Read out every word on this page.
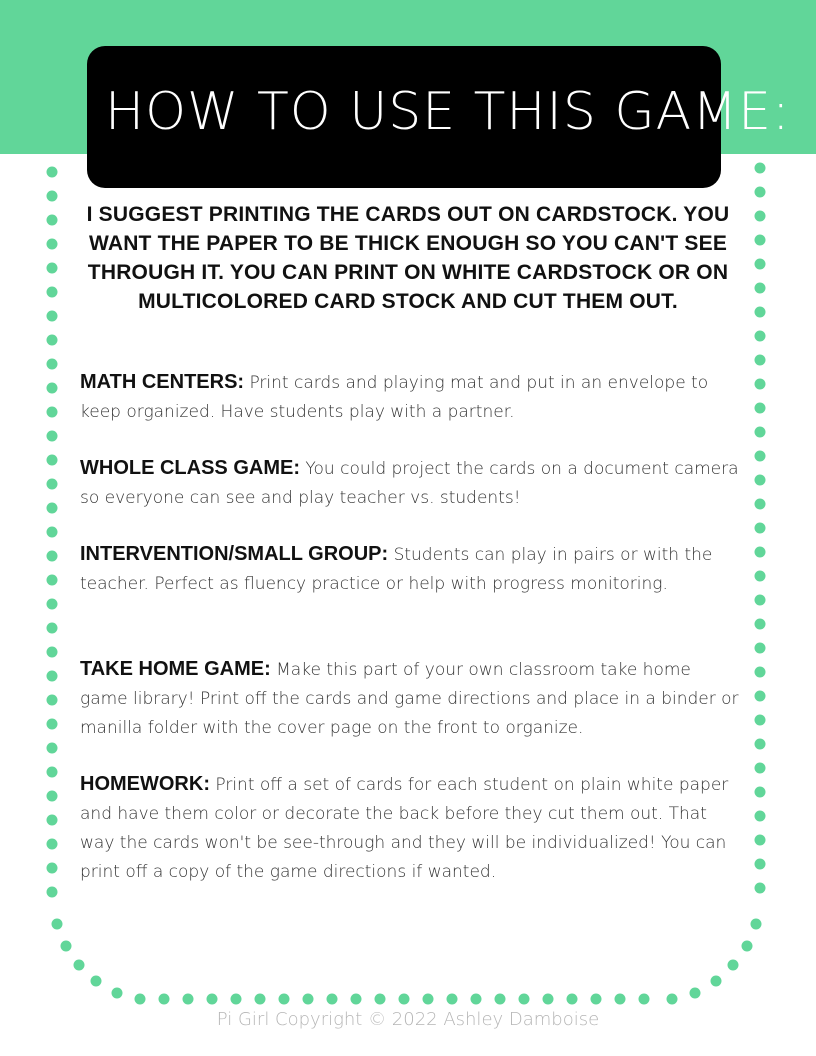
HOW TO USE THIS GAME:
I SUGGEST PRINTING THE CARDS OUT ON CARDSTOCK. YOU WANT THE PAPER TO BE THICK ENOUGH SO YOU CAN'T SEE THROUGH IT. YOU CAN PRINT ON WHITE CARDSTOCK OR ON MULTICOLORED CARD STOCK AND CUT THEM OUT.
MATH CENTERS: Print cards and playing mat and put in an envelope to keep organized. Have students play with a partner.
WHOLE CLASS GAME: You could project the cards on a document camera so everyone can see and play teacher vs. students!
INTERVENTION/SMALL GROUP: Students can play in pairs or with the teacher. Perfect as fluency practice or help with progress monitoring.
TAKE HOME GAME: Make this part of your own classroom take home game library! Print off the cards and game directions and place in a binder or manilla folder with the cover page on the front to organize.
HOMEWORK: Print off a set of cards for each student on plain white paper and have them color or decorate the back before they cut them out. That way the cards won't be see-through and they will be individualized! You can print off a copy of the game directions if wanted.
Pi Girl Copyright © 2022 Ashley Damboise
